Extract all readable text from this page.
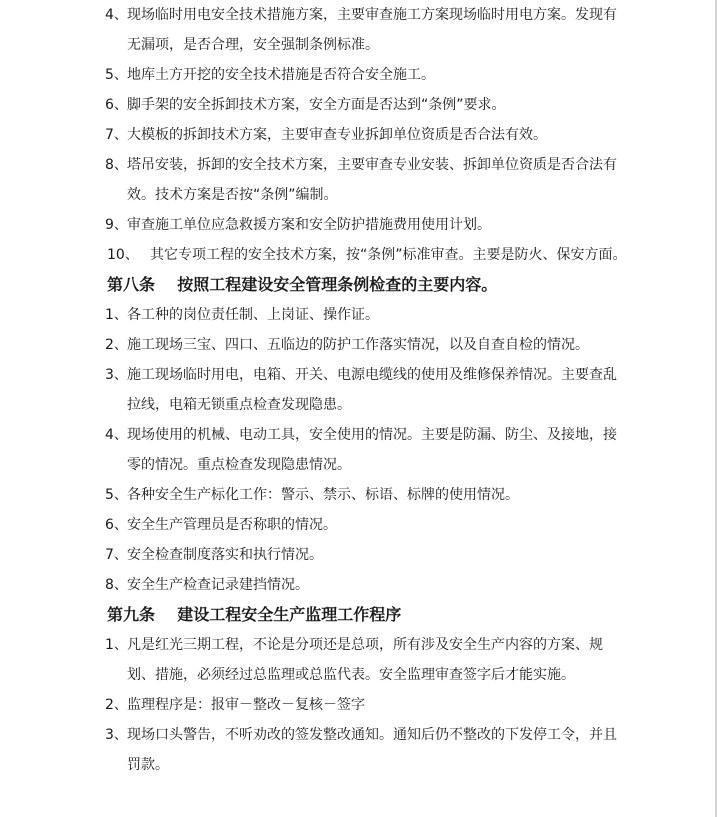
4、 现场临时用电安全技术措施方案，主要审查施工方案现场临时用电方案。发现有无漏项，是否合理，安全强制条例标准。

5、 地库土方开挖的安全技术措施是否符合安全施工。

6、 脚手架的安全拆卸技术方案，安全方面是否达到“条例”要求。

7、 大模板的拆卸技术方案，主要审查专业拆卸单位资质是否合法有效。

8、 塔吊安装，拆卸的安全技术方案，主要审查专业安装、拆卸单位资质是否合法有效。技术方案是否按“条例”编制。

9、 审查施工单位应急救援方案和安全防护措施费用使用计划。

10、 其它专项工程的安全技术方案，按“条例”标准审查。主要是防火、保安方面。

第八条    按照工程建设安全管理条例检查的主要内容。

1、 各工种的岗位责任制、上岗证、操作证。

2、 施工现场三宝、四口、五临边的防护工作落实情况，以及自查自检的情况。

3、 施工现场临时用电，电箱、开关、电源电缆线的使用及维修保养情况。主要查乱拉线，电箱无锁重点检查发现隐患。

4、 现场使用的机械、电动工具，安全使用的情况。主要是防漏、防尘、及接地，接零的情况。重点检查发现隐患情况。

5、 各种安全生产标化工作：警示、禁示、标语、标牌的使用情况。

6、 安全生产管理员是否称职的情况。

7、 安全检查制度落实和执行情况。

8、 安全生产检查记录建挡情况。

第九条    建设工程安全生产监理工作程序

1、 凡是红光三期工程，不论是分项还是总项，所有涉及安全生产内容的方案、规划、措施，必须经过总监理或总监代表。安全监理审查签字后才能实施。

2、 监理程序是：报审－整改－复核－签字

3、 现场口头警告，不听劝改的签发整改通知。通知后仍不整改的下发停工令，并且罚款。
